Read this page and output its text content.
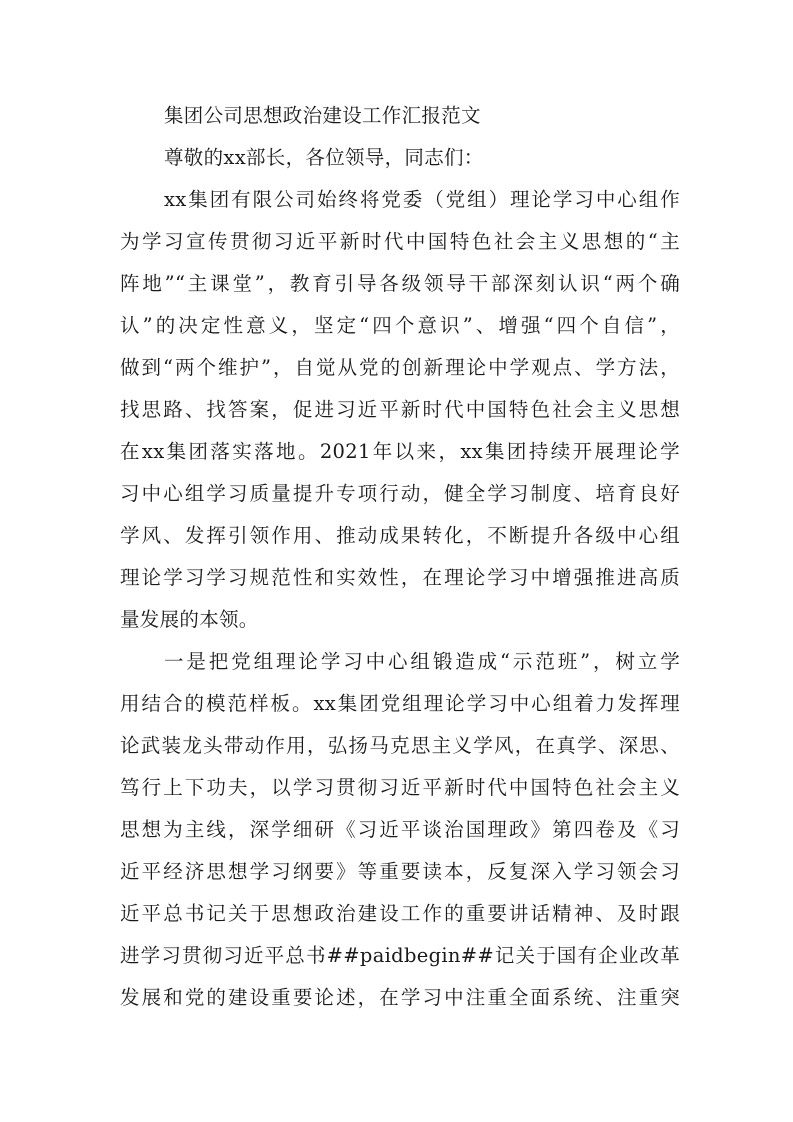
集团公司思想政治建设工作汇报范文
尊敬的xx部长，各位领导，同志们：
xx集团有限公司始终将党委（党组）理论学习中心组作
为学习宣传贯彻习近平新时代中国特色社会主义思想的“主
阵地”“主课堂”，教育引导各级领导干部深刻认识“两个确
认”的决定性意义，坚定“四个意识”、增强“四个自信”，
做到“两个维护”，自觉从党的创新理论中学观点、学方法，
找思路、找答案，促进习近平新时代中国特色社会主义思想
在xx集团落实落地。2021年以来，xx集团持续开展理论学
习中心组学习质量提升专项行动，健全学习制度、培育良好
学风、发挥引领作用、推动成果转化，不断提升各级中心组
理论学习学习规范性和实效性，在理论学习中增强推进高质
量发展的本领。
一是把党组理论学习中心组锻造成“示范班”，树立学
用结合的模范样板。xx集团党组理论学习中心组着力发挥理
论武装龙头带动作用，弘扬马克思主义学风，在真学、深思、
笃行上下功夫，以学习贯彻习近平新时代中国特色社会主义
思想为主线，深学细研《习近平谈治国理政》第四卷及《习
近平经济思想学习纲要》等重要读本，反复深入学习领会习
近平总书记关于思想政治建设工作的重要讲话精神、及时跟
进学习贯彻习近平总书##paidbegin##记关于国有企业改革
发展和党的建设重要论述，在学习中注重全面系统、注重突
